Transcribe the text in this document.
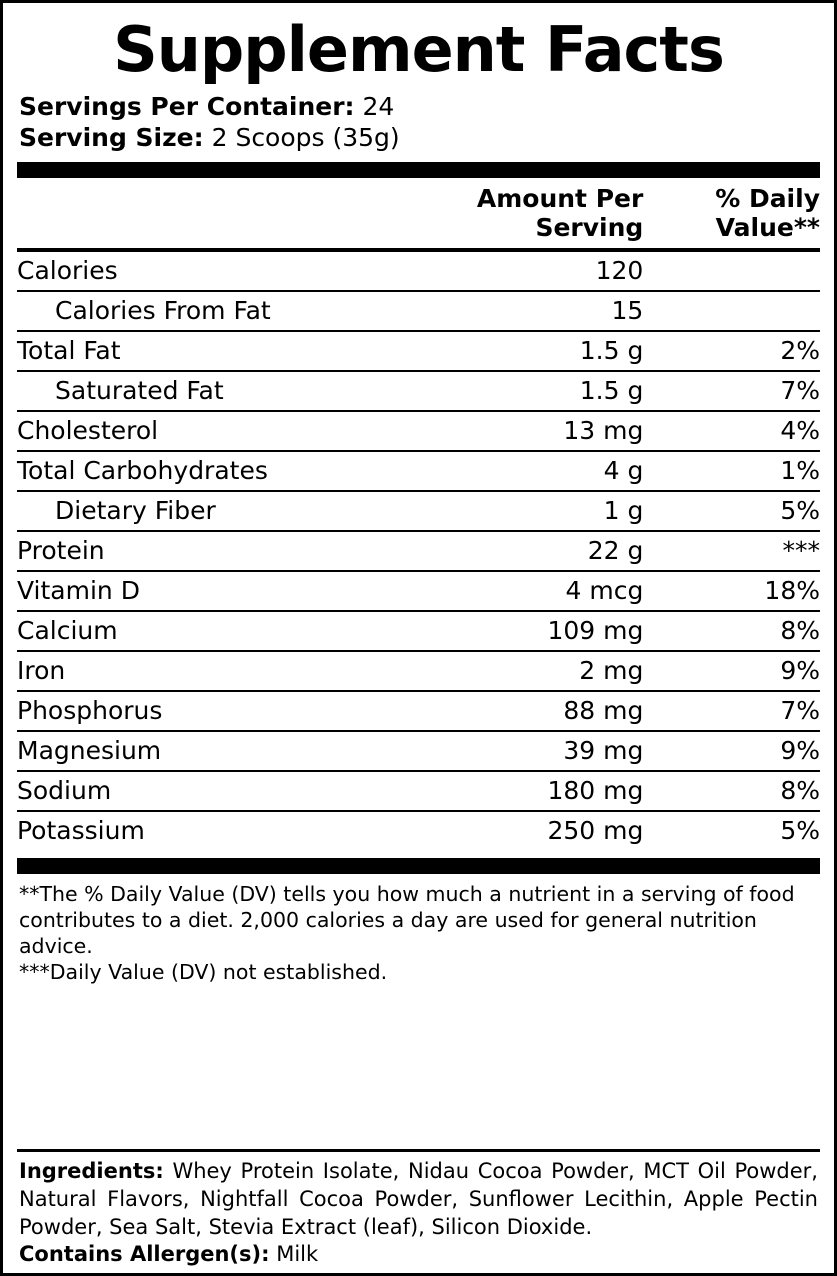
Supplement Facts
Servings Per Container: 24
Serving Size: 2 Scoops (35g)
	Amount Per Serving	% Daily Value**
Calories	120	
Calories From Fat	15	
Total Fat	1.5 g	2%
Saturated Fat	1.5 g	7%
Cholesterol	13 mg	4%
Total Carbohydrates	4 g	1%
Dietary Fiber	1 g	5%
Protein	22 g	***
Vitamin D	4 mcg	18%
Calcium	109 mg	8%
Iron	2 mg	9%
Phosphorus	88 mg	7%
Magnesium	39 mg	9%
Sodium	180 mg	8%
Potassium	250 mg	5%

**The % Daily Value (DV) tells you how much a nutrient in a serving of food contributes to a diet. 2,000 calories a day are used for general nutrition advice.

***Daily Value (DV) not established.

Ingredients: Whey Protein Isolate, Nidau Cocoa Powder, MCT Oil Powder, Natural Flavors, Nightfall Cocoa Powder, Sunflower Lecithin, Apple Pectin Powder, Sea Salt, Stevia Extract (leaf), Silicon Dioxide.

Contains Allergen(s): Milk
